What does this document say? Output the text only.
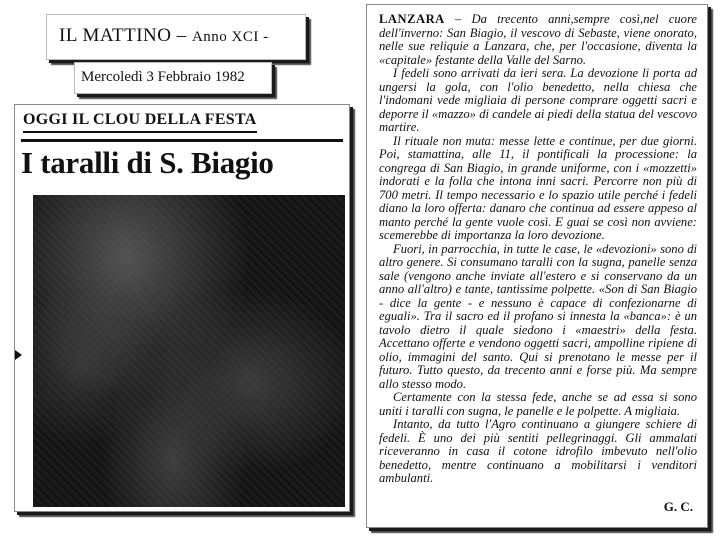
IL MATTINO – Anno XCI -
Mercoledì 3 Febbraio 1982
OGGI IL CLOU DELLA FESTA
I taralli di S. Biagio

LANZARA – Da trecento anni,sempre così,nel cuore dell'inverno: San Biagio, il vescovo di Sebaste, viene onorato, nelle sue reliquie a Lanzara, che, per l'occasione, diventa la «capitale» festante della Valle del Sarno.

I fedeli sono arrivati da ieri sera. La devozione li porta ad ungersi la gola, con l'olio benedetto, nella chiesa che l'indomani vede migliaia di persone comprare oggetti sacri e deporre il «mazzo» di candele ai piedi della statua del vescovo martire.

Il rituale non muta: messe lette e continue, per due giorni. Poi, stamattina, alle 11, il pontificali la processione: la congrega di San Biagio, in grande uniforme, con i «mozzetti» indorati e la folla che intona inni sacri. Percorre non più di 700 metri. Il tempo necessario e lo spazio utile perché i fedeli diano la loro offerta: danaro che continua ad essere appeso al manto perché la gente vuole così. E guai se così non avviene: scemerebbe di importanza la loro devozione.

Fuori, in parrocchia, in tutte le case, le «devozioni» sono di altro genere. Si consumano taralli con la sugna, panelle senza sale (vengono anche inviate all'estero e si conservano da un anno all'altro) e tante, tantissime polpette. «Son di San Biagio - dice la gente - e nessuno è capace di confezionarne di eguali». Tra il sacro ed il profano si innesta la «banca»: è un tavolo dietro il quale siedono i «maestri» della festa. Accettano offerte e vendono oggetti sacri, ampolline ripiene di olio, immagini del santo. Qui si prenotano le messe per il futuro. Tutto questo, da trecento anni e forse più. Ma sempre allo stesso modo.

Certamente con la stessa fede, anche se ad essa si sono uniti i taralli con sugna, le panelle e le polpette. A migliaia.

Intanto, da tutto l'Agro continuano a giungere schiere di fedeli. È uno dei più sentiti pellegrinaggi. Gli ammalati riceveranno in casa il cotone idrofilo imbevuto nell'olio benedetto, mentre continuano a mobilitarsi i venditori ambulanti.

G. C.
